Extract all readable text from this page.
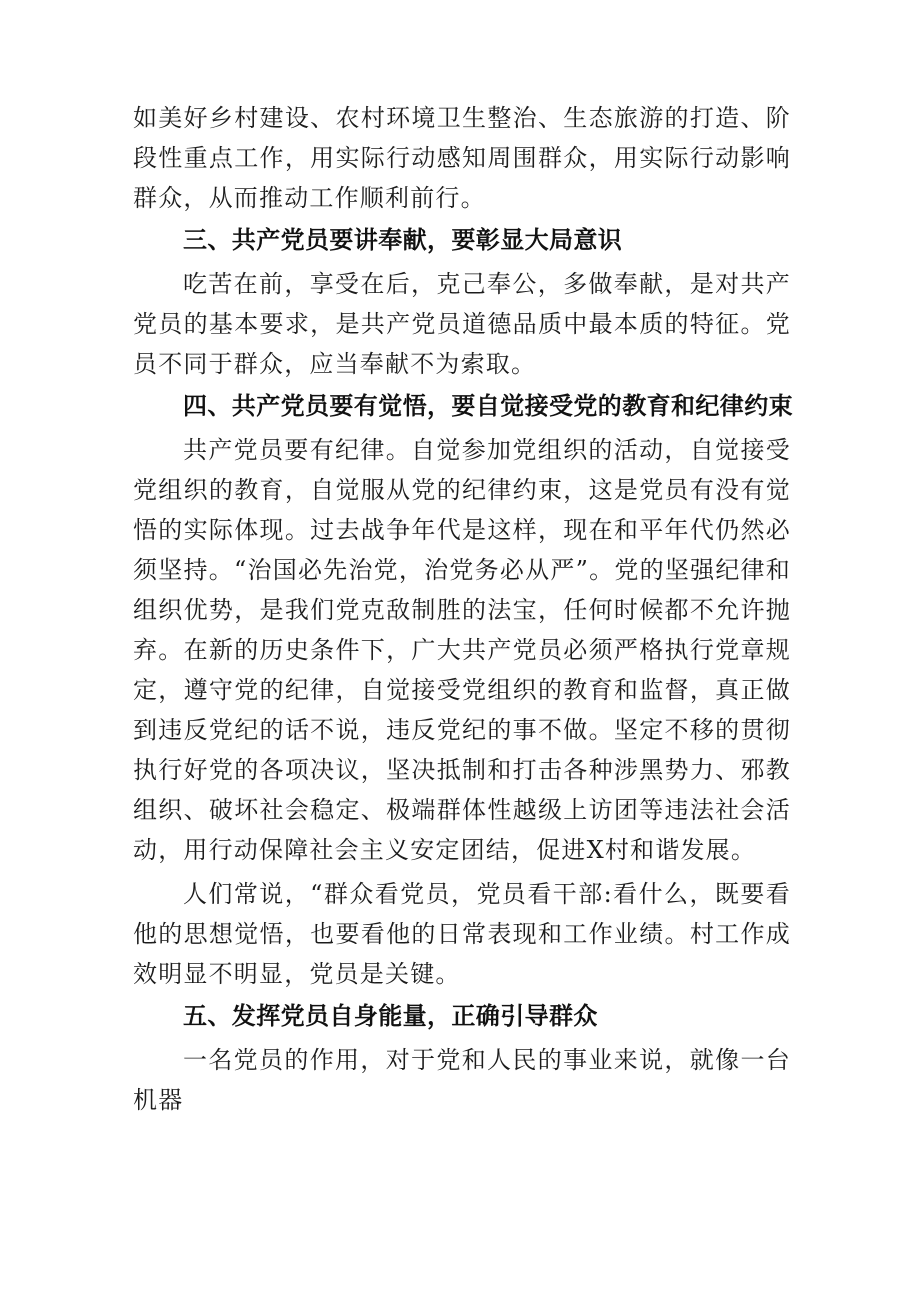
如美好乡村建设、农村环境卫生整治、生态旅游的打造、阶段性重点工作，用实际行动感知周围群众，用实际行动影响群众，从而推动工作顺利前行。

三、共产党员要讲奉献，要彰显大局意识

吃苦在前，享受在后，克己奉公，多做奉献，是对共产党员的基本要求，是共产党员道德品质中最本质的特征。党员不同于群众，应当奉献不为索取。

四、共产党员要有觉悟，要自觉接受党的教育和纪律约束

共产党员要有纪律。自觉参加党组织的活动，自觉接受党组织的教育，自觉服从党的纪律约束，这是党员有没有觉悟的实际体现。过去战争年代是这样，现在和平年代仍然必须坚持。“治国必先治党，治党务必从严”。党的坚强纪律和组织优势，是我们党克敌制胜的法宝，任何时候都不允许抛弃。在新的历史条件下，广大共产党员必须严格执行党章规定，遵守党的纪律，自觉接受党组织的教育和监督，真正做到违反党纪的话不说，违反党纪的事不做。坚定不移的贯彻执行好党的各项决议，坚决抵制和打击各种涉黑势力、邪教组织、破坏社会稳定、极端群体性越级上访团等违法社会活动，用行动保障社会主义安定团结，促进X村和谐发展。

人们常说，“群众看党员，党员看干部:看什么，既要看他的思想觉悟，也要看他的日常表现和工作业绩。村工作成效明显不明显，党员是关键。

五、发挥党员自身能量，正确引导群众

一名党员的作用，对于党和人民的事业来说，就像一台机器
